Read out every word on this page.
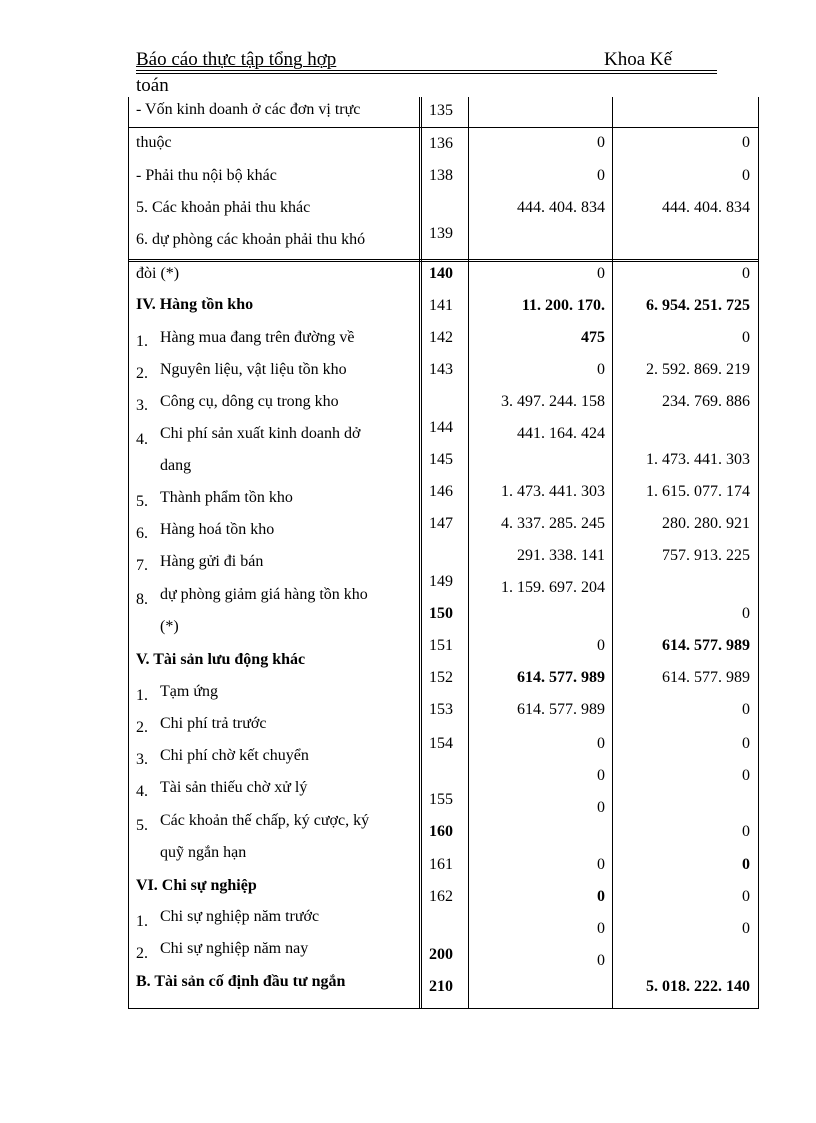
Báo cáo thực tập tổng hợp	Khoa Kế
toán
- Vốn kinh doanh ở các đơn vị trực
thuộc
- Phải thu nội bộ khác
5. Các khoản phải thu khác
6. dự phòng các khoản phải thu khó
đòi (*)
IV. Hàng tồn kho
1. Hàng mua đang trên đường về
2. Nguyên liệu, vật liệu tồn kho
3. Công cụ, dông cụ trong kho
4. Chi phí sản xuất kinh doanh dở
dang
5. Thành phẩm tồn kho
6. Hàng hoá tồn kho
7. Hàng gửi đi bán
8. dự phòng giảm giá hàng tồn kho
(*)
V. Tài sản lưu động khác
1. Tạm ứng
2. Chi phí trả trước
3. Chi phí chờ kết chuyển
4. Tài sản thiếu chờ xử lý
5. Các khoản thế chấp, ký cược, ký
quỹ ngắn hạn
VI. Chi sự nghiệp
1. Chi sự nghiệp năm trước
2. Chi sự nghiệp năm nay
B. Tài sản cố định đầu tư ngắn
135
136
138
139
140
141
142
143
144
145
146
147
149
150
151
152
153
154
155
160
161
162
200
210
0
0
444. 404. 834
0
11. 200. 170.
475
0
3. 497. 244. 158
441. 164. 424
1. 473. 441. 303
4. 337. 285. 245
291. 338. 141
1. 159. 697. 204
0
614. 577. 989
614. 577. 989
0
0
0
0
0
0
0
0
0
444. 404. 834
0
6. 954. 251. 725
0
2. 592. 869. 219
234. 769. 886
1. 473. 441. 303
1. 615. 077. 174
280. 280. 921
757. 913. 225
0
614. 577. 989
614. 577. 989
0
0
0
0
0
0
0
5. 018. 222. 140
